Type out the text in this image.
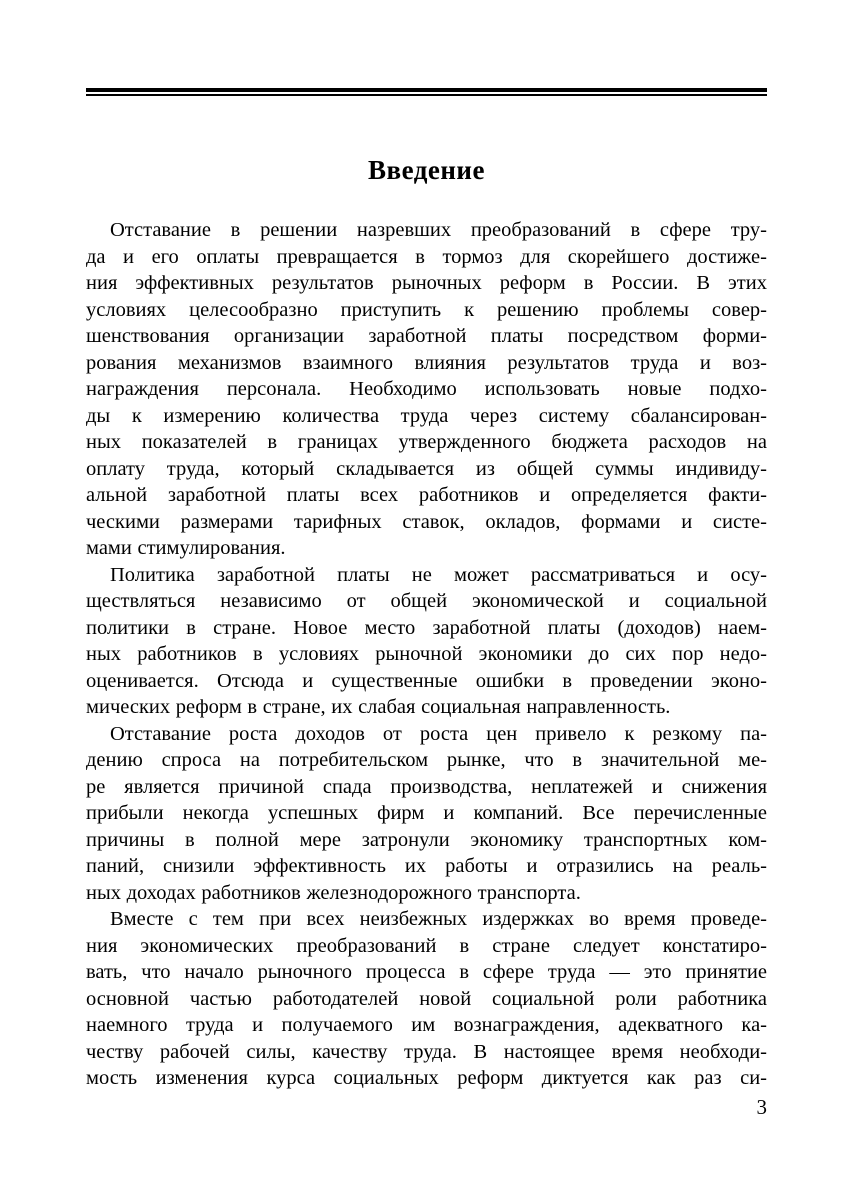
Введение
Отставание в решении назревших преобразований в сфере тру-
да и его оплаты превращается в тормоз для скорейшего достиже-
ния эффективных результатов рыночных реформ в России. В этих
условиях целесообразно приступить к решению проблемы совер-
шенствования организации заработной платы посредством форми-
рования механизмов взаимного влияния результатов труда и воз-
награждения персонала. Необходимо использовать новые подхо-
ды к измерению количества труда через систему сбалансирован-
ных показателей в границах утвержденного бюджета расходов на
оплату труда, который складывается из общей суммы индивиду-
альной заработной платы всех работников и определяется факти-
ческими размерами тарифных ставок, окладов, формами и систе-
мами стимулирования.
Политика заработной платы не может рассматриваться и осу-
ществляться независимо от общей экономической и социальной
политики в стране. Новое место заработной платы (доходов) наем-
ных работников в условиях рыночной экономики до сих пор недо-
оценивается. Отсюда и существенные ошибки в проведении эконо-
мических реформ в стране, их слабая социальная направленность.
Отставание роста доходов от роста цен привело к резкому па-
дению спроса на потребительском рынке, что в значительной ме-
ре является причиной спада производства, неплатежей и снижения
прибыли некогда успешных фирм и компаний. Все перечисленные
причины в полной мере затронули экономику транспортных ком-
паний, снизили эффективность их работы и отразились на реаль-
ных доходах работников железнодорожного транспорта.
Вместе с тем при всех неизбежных издержках во время проведе-
ния экономических преобразований в стране следует констатиро-
вать, что начало рыночного процесса в сфере труда — это принятие
основной частью работодателей новой социальной роли работника
наемного труда и получаемого им вознаграждения, адекватного ка-
честву рабочей силы, качеству труда. В настоящее время необходи-
мость изменения курса социальных реформ диктуется как раз си-
3
